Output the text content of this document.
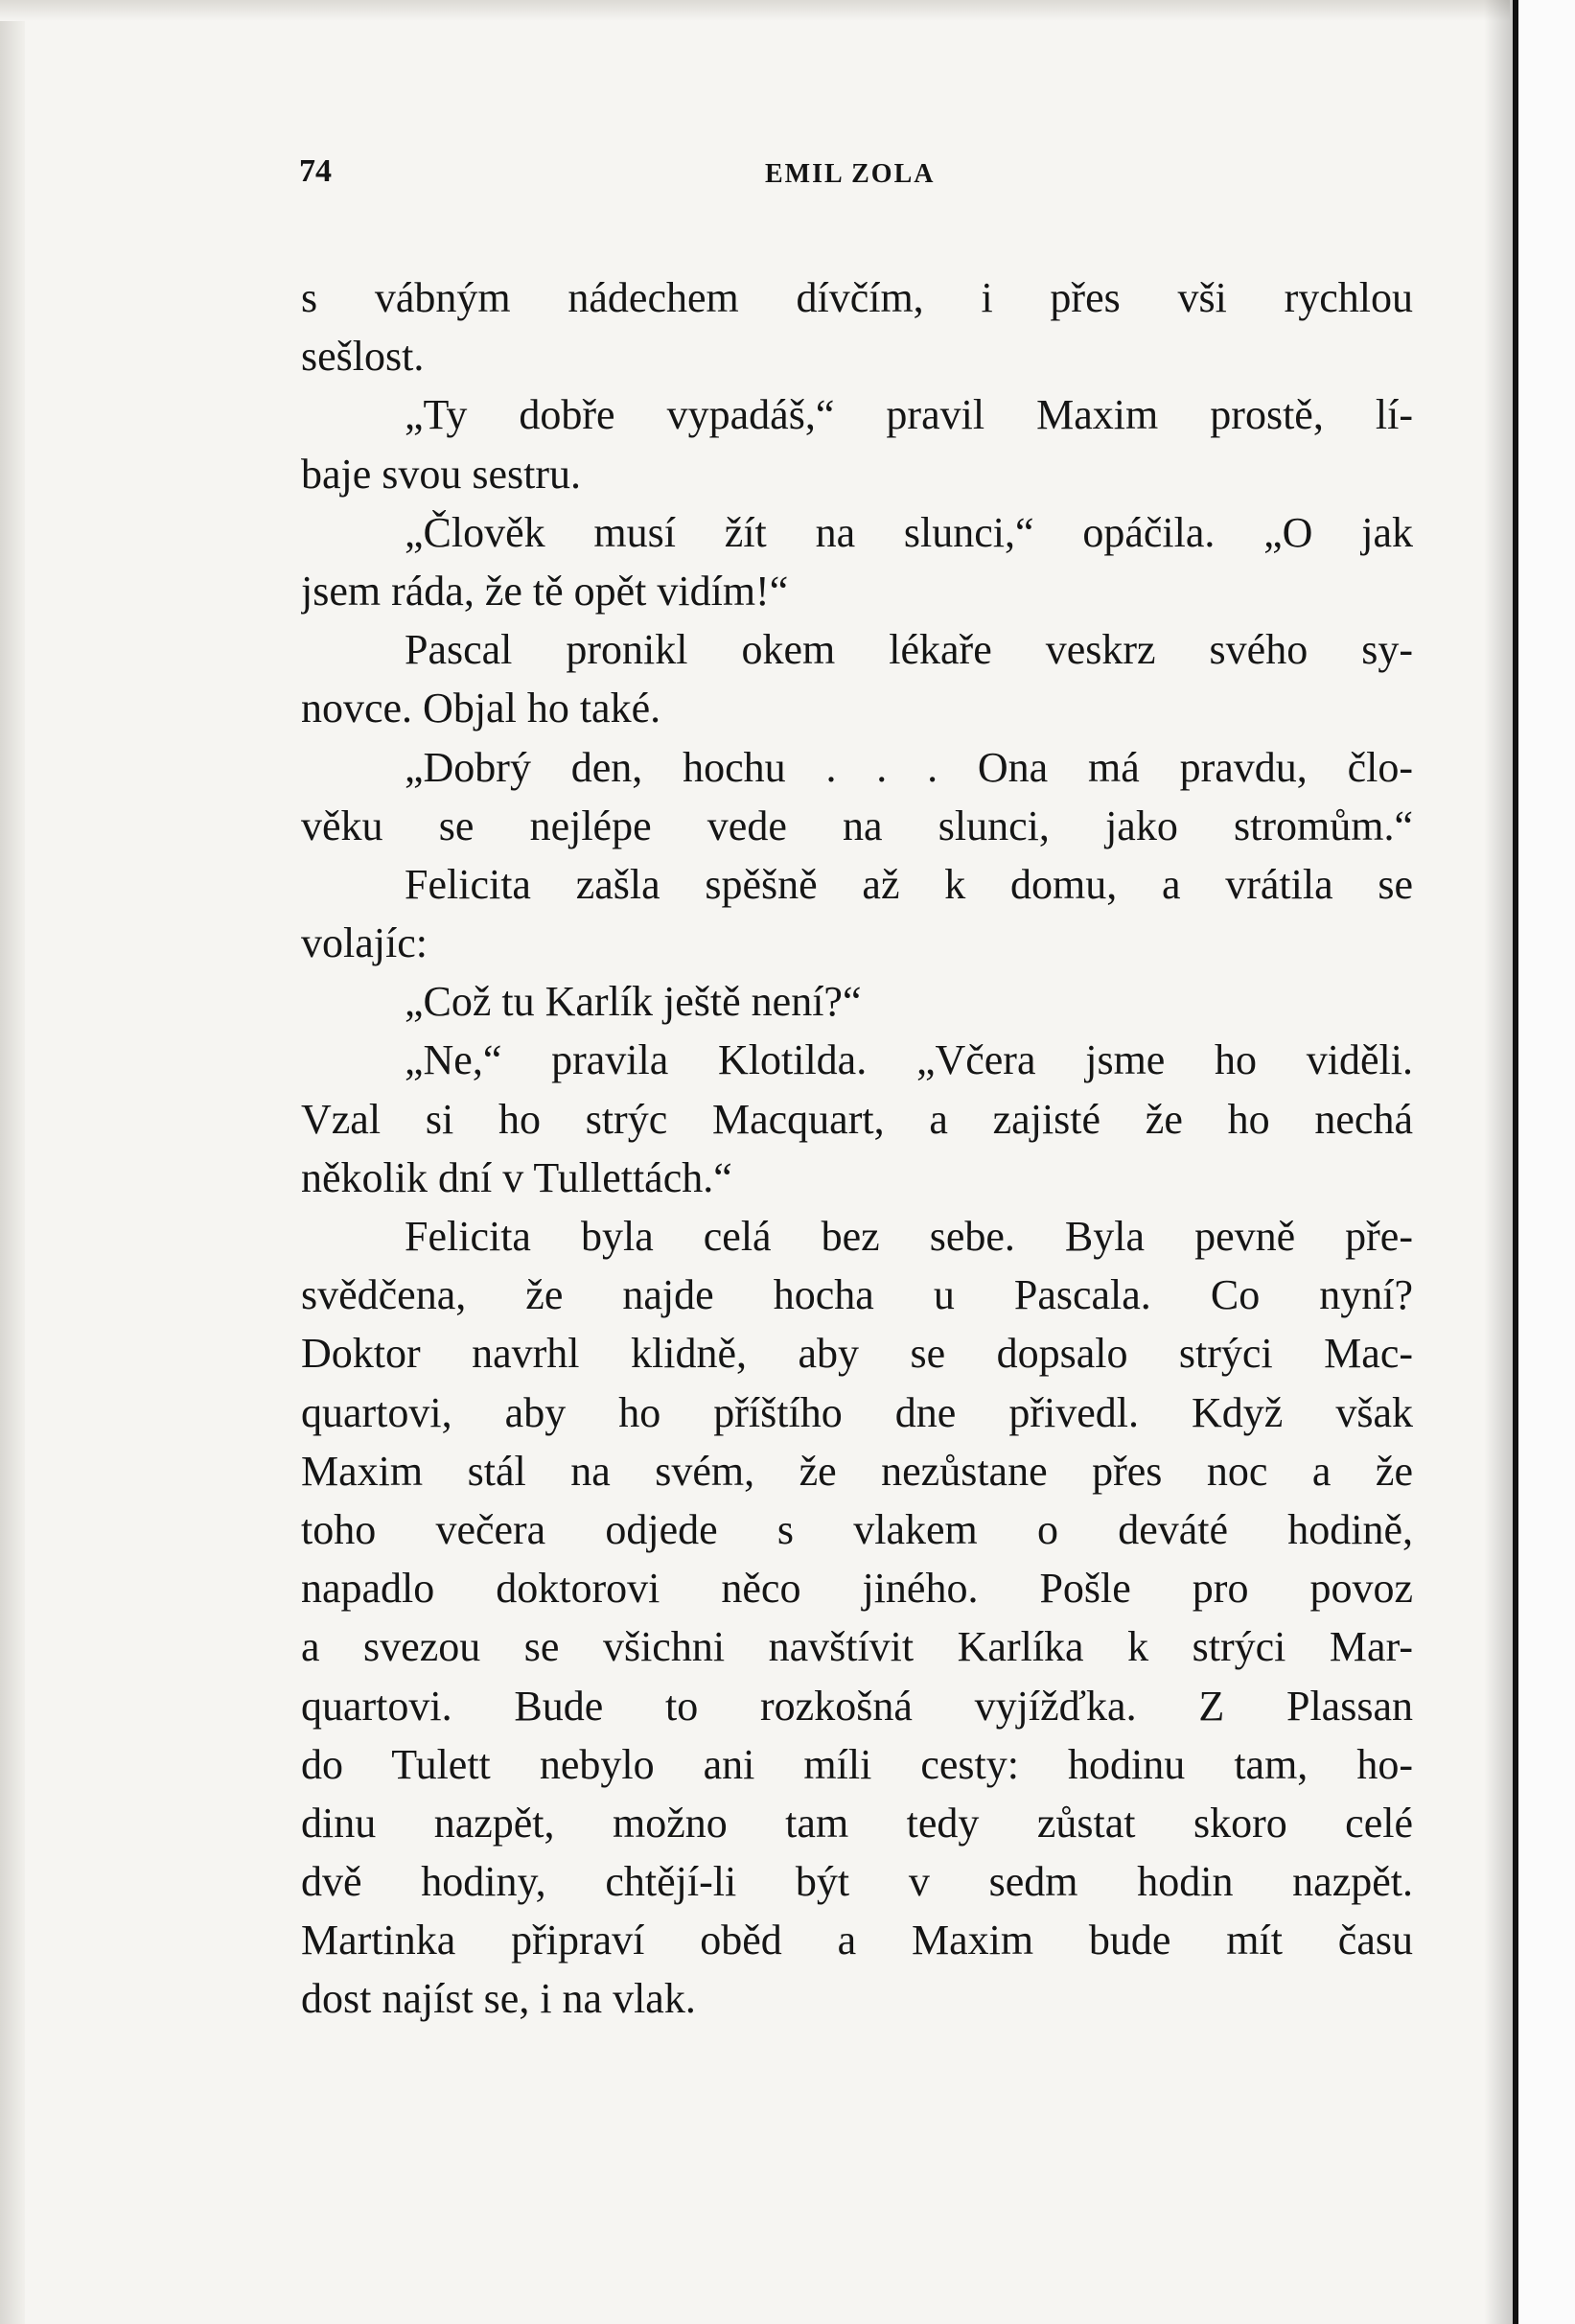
74	EMIL ZOLA
s vábným nádechem dívčím, i přes vši rychlou
sešlost.
„Ty dobře vypadáš,“ pravil Maxim prostě, lí-
baje svou sestru.
„Člověk musí žít na slunci,“ opáčila. „O jak
jsem ráda, že tě opět vidím!“
Pascal pronikl okem lékaře veskrz svého sy-
novce. Objal ho také.
„Dobrý den, hochu . . . Ona má pravdu, člo-
věku se nejlépe vede na slunci, jako stromům.“
Felicita zašla spěšně až k domu, a vrátila se
volajíc:
„Což tu Karlík ještě není?“
„Ne,“ pravila Klotilda. „Včera jsme ho viděli.
Vzal si ho strýc Macquart, a zajisté že ho nechá
několik dní v Tullettách.“
Felicita byla celá bez sebe. Byla pevně pře-
svědčena, že najde hocha u Pascala. Co nyní?
Doktor navrhl klidně, aby se dopsalo strýci Mac-
quartovi, aby ho příštího dne přivedl. Když však
Maxim stál na svém, že nezůstane přes noc a že
toho večera odjede s vlakem o deváté hodině,
napadlo doktorovi něco jiného. Pošle pro povoz
a svezou se všichni navštívit Karlíka k strýci Mar-
quartovi. Bude to rozkošná vyjížďka. Z Plassan
do Tulett nebylo ani míli cesty: hodinu tam, ho-
dinu nazpět, možno tam tedy zůstat skoro celé
dvě hodiny, chtějí-li být v sedm hodin nazpět.
Martinka připraví oběd a Maxim bude mít času
dost najíst se, i na vlak.
